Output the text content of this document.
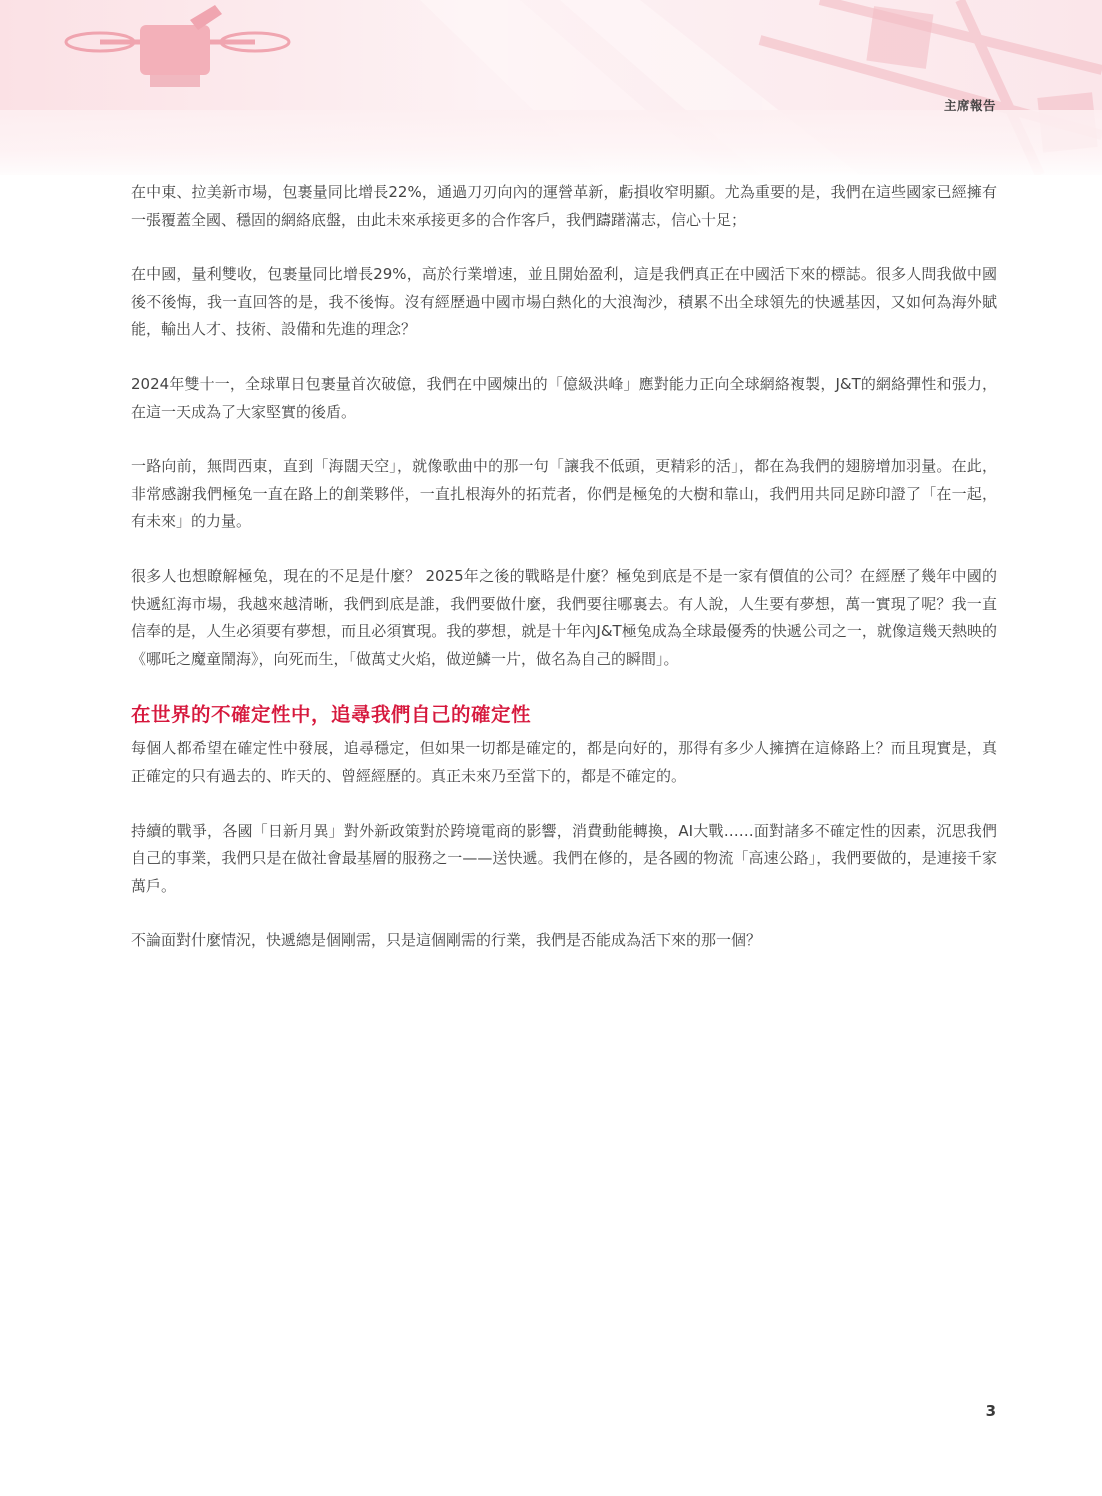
主席報告

在中東、拉美新市場，包裹量同比增長22%，通過刀刃向內的運營革新，虧損收窄明顯。尤為重要的是，我們在這些國家已經擁有一張覆蓋全國、穩固的網絡底盤，由此未來承接更多的合作客戶，我們躊躇滿志，信心十足；

在中國，量利雙收，包裹量同比增長29%，高於行業增速，並且開始盈利，這是我們真正在中國活下來的標誌。很多人問我做中國後不後悔，我一直回答的是，我不後悔。沒有經歷過中國市場白熱化的大浪淘沙，積累不出全球領先的快遞基因，又如何為海外賦能，輸出人才、技術、設備和先進的理念？

2024年雙十一，全球單日包裹量首次破億，我們在中國煉出的「億級洪峰」應對能力正向全球網絡複製，J&T的網絡彈性和張力，在這一天成為了大家堅實的後盾。

一路向前，無問西東，直到「海闊天空」，就像歌曲中的那一句「讓我不低頭，更精彩的活」，都在為我們的翅膀增加羽量。在此，非常感謝我們極兔一直在路上的創業夥伴，一直扎根海外的拓荒者，你們是極兔的大樹和靠山，我們用共同足跡印證了「在一起，有未來」的力量。

很多人也想瞭解極兔，現在的不足是什麼？ 2025年之後的戰略是什麼？極兔到底是不是一家有價值的公司？在經歷了幾年中國的快遞紅海市場，我越來越清晰，我們到底是誰，我們要做什麼，我們要往哪裏去。有人說，人生要有夢想，萬一實現了呢？我一直信奉的是，人生必須要有夢想，而且必須實現。我的夢想，就是十年內J&T極兔成為全球最優秀的快遞公司之一，就像這幾天熱映的《哪吒之魔童鬧海》，向死而生，「做萬丈火焰，做逆鱗一片，做名為自己的瞬間」。

在世界的不確定性中，追尋我們自己的確定性

每個人都希望在確定性中發展，追尋穩定，但如果一切都是確定的，都是向好的，那得有多少人擁擠在這條路上？而且現實是，真正確定的只有過去的、昨天的、曾經經歷的。真正未來乃至當下的，都是不確定的。

持續的戰爭，各國「日新月異」對外新政策對於跨境電商的影響，消費動能轉換，AI大戰……面對諸多不確定性的因素，沉思我們自己的事業，我們只是在做社會最基層的服務之一——送快遞。我們在修的，是各國的物流「高速公路」，我們要做的，是連接千家萬戶。

不論面對什麼情況，快遞總是個剛需，只是這個剛需的行業，我們是否能成為活下來的那一個？

3
